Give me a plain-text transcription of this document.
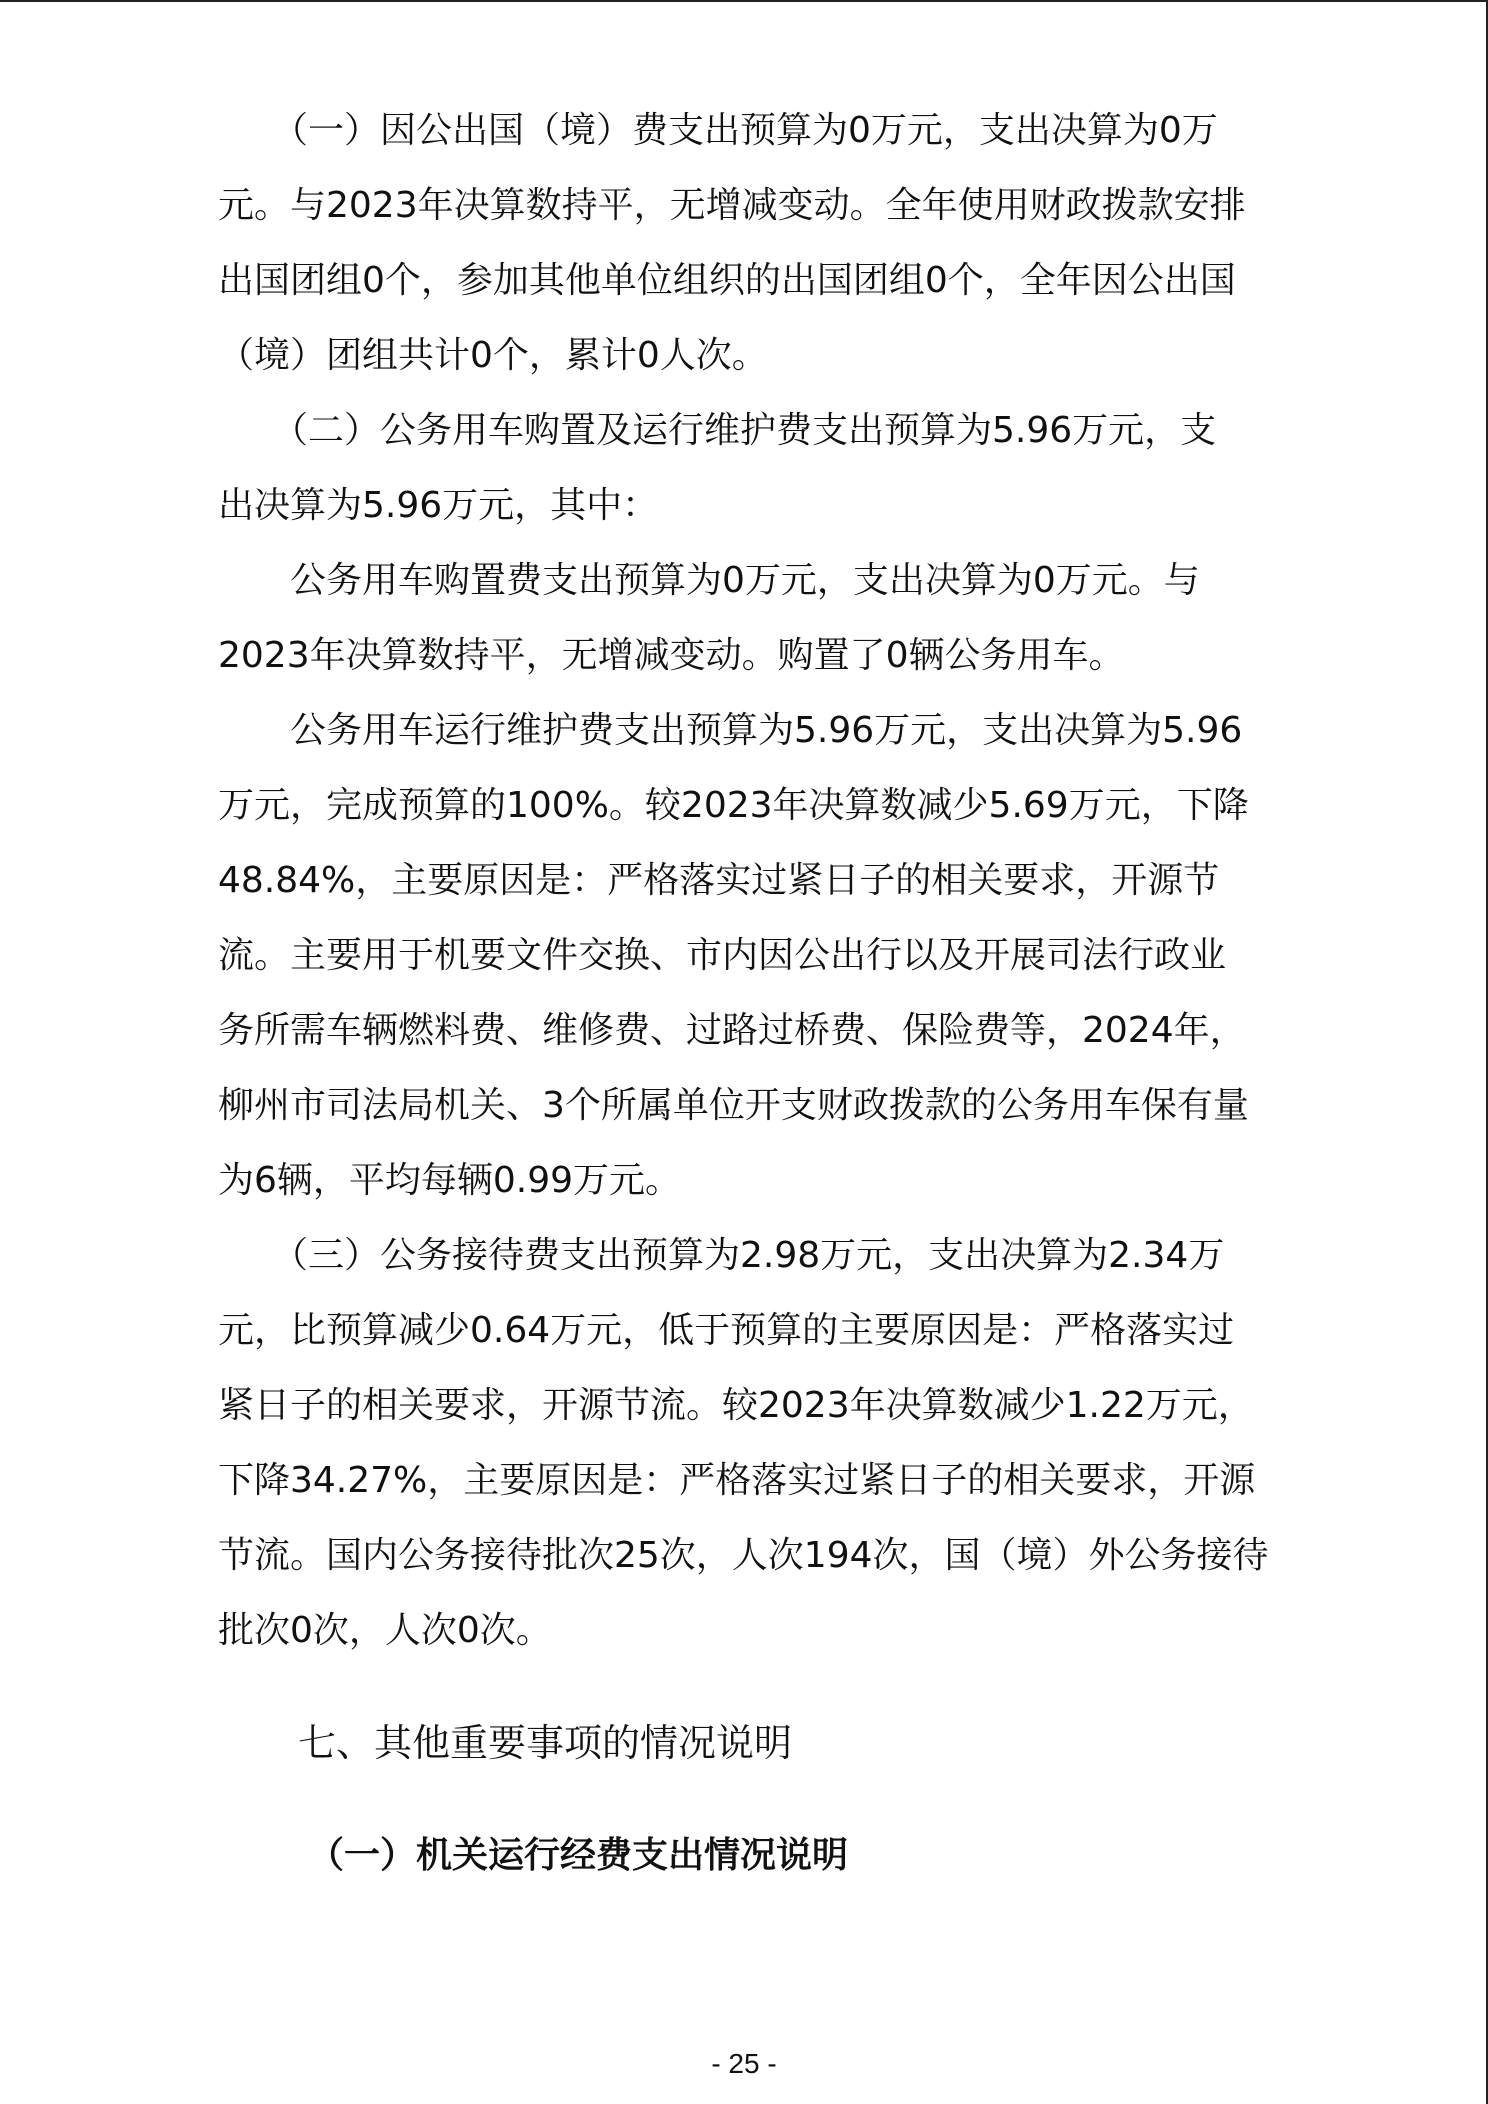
　　（一）因公出国（境）费支出预算为0万元，支出决算为0万
元。与2023年决算数持平，无增减变动。全年使用财政拨款安排
出国团组0个，参加其他单位组织的出国团组0个，全年因公出国
（境）团组共计0个，累计0人次。
　　（二）公务用车购置及运行维护费支出预算为5.96万元，支
出决算为5.96万元，其中：
　　公务用车购置费支出预算为0万元，支出决算为0万元。与
2023年决算数持平，无增减变动。购置了0辆公务用车。
　　公务用车运行维护费支出预算为5.96万元，支出决算为5.96
万元，完成预算的100%。较2023年决算数减少5.69万元，下降
48.84%，主要原因是：严格落实过紧日子的相关要求，开源节
流。主要用于机要文件交换、市内因公出行以及开展司法行政业
务所需车辆燃料费、维修费、过路过桥费、保险费等，2024年，
柳州市司法局机关、3个所属单位开支财政拨款的公务用车保有量
为6辆，平均每辆0.99万元。
　　（三）公务接待费支出预算为2.98万元，支出决算为2.34万
元，比预算减少0.64万元，低于预算的主要原因是：严格落实过
紧日子的相关要求，开源节流。较2023年决算数减少1.22万元，
下降34.27%，主要原因是：严格落实过紧日子的相关要求，开源
节流。国内公务接待批次25次，人次194次，国（境）外公务接待
批次0次，人次0次。
七、其他重要事项的情况说明
（一）机关运行经费支出情况说明
- 25 -
